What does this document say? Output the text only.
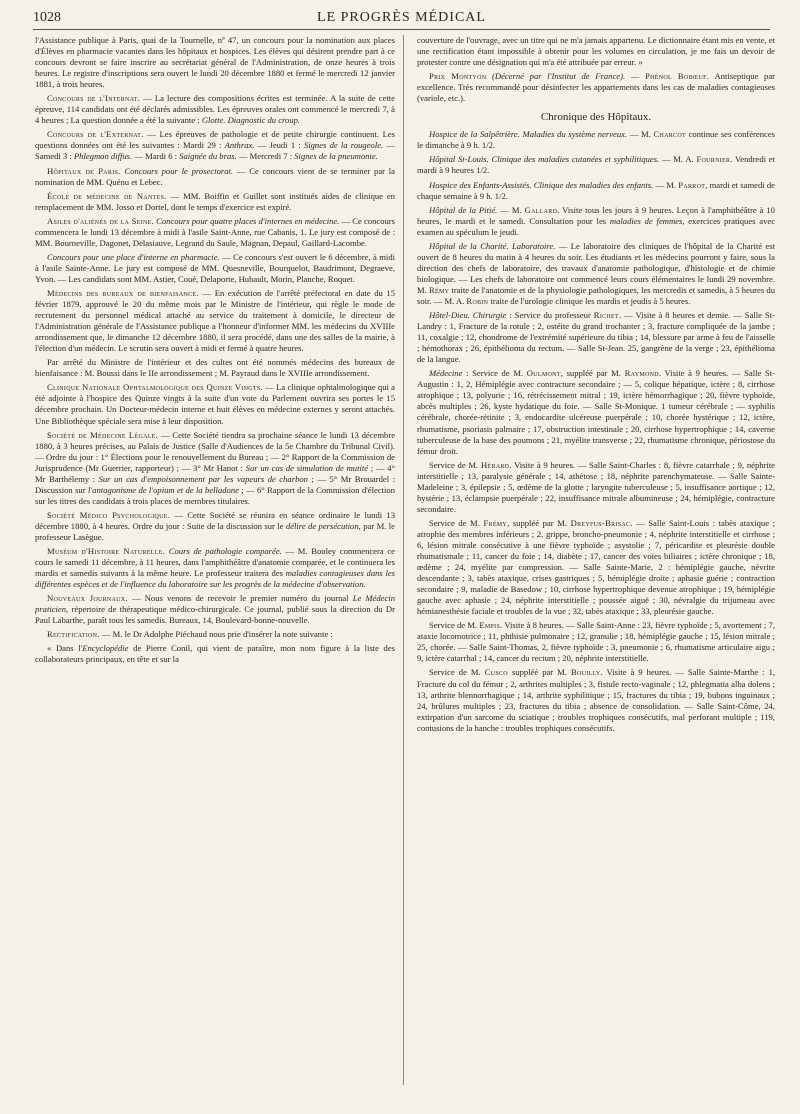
1028	LE PROGRÈS MÉDICAL

l'Assistance publique à Paris, quai de la Tournelle, nº 47, un concours pour la nomination aux places d'Élèves en pharmacie vacantes dans les hôpitaux et hospices. Les élèves qui désirent prendre part à ce concours devront se faire inscrire au secrétariat général de l'Administration, de onze heures à trois heures. Le registre d'inscriptions sera ouvert le lundi 20 décembre 1880 et fermé le mercredi 12 janvier 1881, à trois heures.

Concours de l'Internat. — La lecture des compositions écrites est terminée. A la suite de cette épreuve, 114 candidats ont été déclarés admissibles. Les épreuves orales ont commencé le mercredi 7, à 4 heures ; La question donnée a été la suivante : Glotte. Diagnostic du croup.

Concours de l'Externat. — Les épreuves de pathologie et de petite chirurgie continuent. Les questions données ont été les suivantes : Mardi 29 : Anthrax. — Jeudi 1 : Signes de la rougeole. — Samedi 3 : Phlegmon diffus. — Mardi 6 : Saignée du bras. — Mercredi 7 : Signes de la pneumonie.

Hôpitaux de Paris. Concours pour le prosectorat. — Ce concours vient de se terminer par la nomination de MM. Quénu et Lebec.

École de médecine de Nantes. — MM. Boiffin et Guillet sont institués aides de clinique en remplacement de MM. Josso et Dortel, dont le temps d'exercice est expiré.

Asiles d'aliénés de la Seine. Concours pour quatre places d'internes en médecine. — Ce concours commencera le lundi 13 décembre à midi à l'asile Saint-Anne, rue Cabanis, 1. Le jury est composé de : MM. Bourneville, Dagonet, Delasiauve, Legrand du Saule, Magnan, Depaul, Gaillard-Lacombe.

Concours pour une place d'interne en pharmacie. — Ce concours s'est ouvert le 6 décembre, à midi à l'asile Sainte-Anne. Le jury est composé de MM. Quesneville, Bourquelot, Baudrimont, Degraeve, Yvon. — Les candidats sont MM. Astier, Coué, Delaporte, Hubault, Morin, Planche, Roquet.

Médecins des bureaux de bienfaisance. — En exécution de l'arrêté préfectoral en date du 15 février 1879, approuvé le 20 du même mois par le Ministre de l'intérieur, qui règle le mode de recrutement du personnel médical attaché au service du traitement à domicile, le directeur de l'Administration générale de l'Assistance publique a l'honneur d'informer MM. les médecins du XVIIIe arrondissement que, le dimanche 12 décembre 1880, il sera procédé, dans une des salles de la mairie, à l'élection d'un médecin. Le scrutin sera ouvert à midi et fermé à quatre heures.

Par arrêté du Ministre de l'intérieur et des cultes ont été nommés médecins des bureaux de bienfaisance : M. Boussi dans le IIe arrondissement ; M. Payraud dans le XVIIIe arrondissement.

Clinique Nationale Ophtalmologique des Quinze Vingts. — La clinique ophtalmologique qui a été adjointe à l'hospice des Quinze vingts à la suite d'un vote du Parlement ouvrira ses portes le 15 décembre prochain. Un Docteur-médecin interne et huit élèves en médecine externes y seront attachés. Une Bibliothèque spéciale sera mise à leur disposition.

Société de Médecine Légale. — Cette Société tiendra sa prochaine séance le lundi 13 décembre 1880, à 3 heures précises, au Palais de Justice (Salle d'Audiences de la 5e Chambre du Tribunal Civil). — Ordre du jour : 1° Élections pour le renouvellement du Bureau ; — 2° Rapport de la Commission de Jurisprudence (Mr Guerrier, rapporteur) ; — 3° Mr Hanot : Sur un cas de simulation de mutité ; — 4° Mr Barthélemy : Sur un cas d'empoisonnement par les vapeurs de charbon ; — 5° Mr Brouardel : Discussion sur l'antagonisme de l'opium et de la belladone ; — 6° Rapport de la Commission d'élection sur les titres des candidats à trois places de membres titulaires.

Société Médico Psychologique. — Cette Société se réunira en séance ordinaire le lundi 13 décembre 1880, à 4 heures. Ordre du jour : Suite de la discussion sur le délire de persécution, par M. le professeur Lasègue.

Muséum d'Histoire Naturelle. Cours de pathologie comparée. — M. Bouley commencera ce cours le samedi 11 décembre, à 11 heures, dans l'amphithéâtre d'anatomie comparée, et le continuera les mardis et samedis suivants à la même heure. Le professeur traitera des maladies contagieuses dans les différentes espèces et de l'influence du laboratoire sur les progrès de la médecine d'observation.

Nouveaux Journaux. — Nous venons de recevoir le premier numéro du journal Le Médecin praticien, répertoire de thérapeutique médico-chirurgicale. Ce journal, publié sous la direction du Dr Paul Labarthe, paraît tous les samedis. Bureaux, 14, Boulevard-bonne-nouvelle.

Rectification. — M. le Dr Adolphe Piéchaud nous prie d'insérer la note suivante :

« Dans l'Encyclopédie de Pierre Conil, qui vient de paraître, mon nom figure à la liste des collaborateurs principaux, en tête et sur la

couverture de l'ouvrage, avec un titre qui ne m'a jamais appartenu. Le dictionnaire étant mis en vente, et une rectification étant impossible à obtenir pour les volumes en circulation, je me fais un devoir de protester contre une désignation qui m'a été attribuée par erreur. »

Prix Montyon (Décerné par l'Institut de France). — Phénol Bobœuf. Antiseptique par excellence. Très recommandé pour désinfecter les appartements dans les cas de maladies contagieuses (variole, etc.).

Chronique des Hôpitaux.

Hospice de la Salpêtrière. Maladies du système nerveux. — M. Charcot continue ses conférences le dimanche à 9 h. 1/2.

Hôpital St-Louis. Clinique des maladies cutanées et syphilitiques. — M. A. Fournier. Vendredi et mardi à 9 heures 1/2.

Hospice des Enfants-Assistés. Clinique des maladies des enfants. — M. Parrot, mardi et samedi de chaque semaine à 9 h. 1/2.

Hôpital de la Pitié. — M. Gallard. Visite tous les jours à 9 heures. Leçon à l'amphithéâtre à 10 heures, le mardi et le samedi. Consultation pour les maladies de femmes, exercices pratiques avec examen au spéculum le jeudi.

Hôpital de la Charité. Laboratoire. — Le laboratoire des cliniques de l'hôpital de la Charité est ouvert de 8 heures du matin à 4 heures du soir. Les étudiants et les médecins pourront y faire, sous la direction des chefs de laboratoire, des travaux d'anatomie pathologique, d'histologie et de chimie biologique. — Les chefs de laboratoire ont commencé leurs cours élémentaires le lundi 29 novembre. M. Rémy traite de l'anatomie et de la physiologie pathologiques, les mercredis et samedis, à 5 heures du soir. — M. A. Robin traite de l'urologie clinique les mardis et jeudis à 5 heures.

Hôtel-Dieu. Chirurgie : Service du professeur Richet. — Visite à 8 heures et demie. — Salle St-Landry : 1, Fracture de la rotule ; 2, ostéite du grand trochanter ; 3, fracture compliquée de la jambe ; 11, coxalgie ; 12, chondrome de l'extrémité supérieure du tibia ; 14, blessure par arme à feu de l'aisselle ; hémothorax ; 26, épithélioma du rectum. — Salle St-Jean. 25, gangrène de la verge ; 23, épithélioma de la langue.

Médecine : Service de M. Oulmont, suppléé par M. Raymond. Visite à 9 heures. — Salle St-Augustin : 1, 2, Hémiplégie avec contracture secondaire ; — 5, colique hépatique, ictère ; 8, cirrhose atrophique ; 13, polyurie ; 16, rétrécissement mitral ; 19, ictère hémorrhagique ; 20, fièvre typhoïde, abcès multiples ; 26, kyste hydatique du foie. — Salle St-Monique. 1 tumeur cérébrale ; — syphilis cérébrale, chorée-rétinite ; 3, endocardite ulcéreuse puerpérale ; 10, chorée hystérique ; 12, ictère, rhumatisme, psoriasis palmaire ; 17, obstruction intestinale ; 20, cirrhose hypertrophique ; 14, caverne tuberculeuse de la base des poumons ; 21, myélite transverse ; 22, rhumatisme chronique, périostose du fémur droit.

Service de M. Hérard. Visite à 9 heures. — Salle Saint-Charles : 8, fièvre catarrhale ; 9, néphrite interstitielle ; 13, paralysie générale ; 14, athétose ; 18, néphrite parenchymateuse. — Salle Sainte-Madeleine ; 3, épilepsie ; 5, œdème de la glotte ; laryngite tuberculeuse ; 5, insuffisance aortique ; 12, hystérie ; 13, éclampsie puerpérale ; 22, insuffisance mitrale albumineuse ; 24, hémiplégie, contracture secondaire.

Service de M. Frémy, suppléé par M. Dreyfus-Brisac. — Salle Saint-Louis : tabès ataxique ; atrophie des membres inférieurs ; 2, grippe, broncho-pneumonie ; 4, néphrite interstitielle et cirrhose ; 6, lésion mitrale consécutive à une fièvre typhoïde ; asystolie ; 7, péricardite et pleurésie double rhumatismale ; 11, cancer du foie ; 14, diabète ; 17, cancer des voies biliaires ; ictère chronique ; 18, œdème ; 24, myélite par compression. — Salle Sainte-Marie, 2 : hémiplégie gauche, névrite descendante ; 3, tabès ataxique, crises gastriques ; 5, hémiplégie droite ; aphasie guérie ; contraction secondaire ; 9, maladie de Basedow ; 10, cirrhose hypertrophique devenue atrophique ; 19, hémiplégie gauche avec aphasie ; 24, néphrite interstitielle ; poussée aiguë ; 30, névralgie du trijumeau avec hémianesthésie faciale et troubles de la vue ; 32, tabès ataxique ; 33, pleurésie gauche.

Service de M. Empis. Visite à 8 heures. — Salle Saint-Anne : 23, fièvre typhoïde ; 5, avortement ; 7, ataxie locomotrice ; 11, phthisie pulmonaire ; 12, granulie ; 18, hémiplégie gauche ; 15, lésion mitrale ; 25, chorée. — Salle Saint-Thomas, 2, fièvre typhoïde ; 3, pneumonie ; 6, rhumatisme articulaire aigu ; 9, ictère catarrhal ; 14, cancer du rectum ; 20, néphrite interstitielle.

Service de M. Cusco suppléé par M. Bouilly. Visite à 9 heures. — Salle Sainte-Marthe : 1, Fracture du col du fémur ; 2, arthrites multiples ; 3, fistule recto-vaginale ; 12, phlegmatia alba dolens ; 13, arthrite blennorrhagique ; 14, arthrite syphilitique ; 15, fractures du tibia ; 19, bubons inguinaux ; 24, brûlures multiples ; 23, fractures du tibia ; absence de consolidation. — Salle Saint-Côme, 24, extirpation d'un sarcome du sciatique ; troubles trophiques consécutifs, mal perforant multiple ; 119, contusions de la hanche : troubles trophiques consécutifs.
